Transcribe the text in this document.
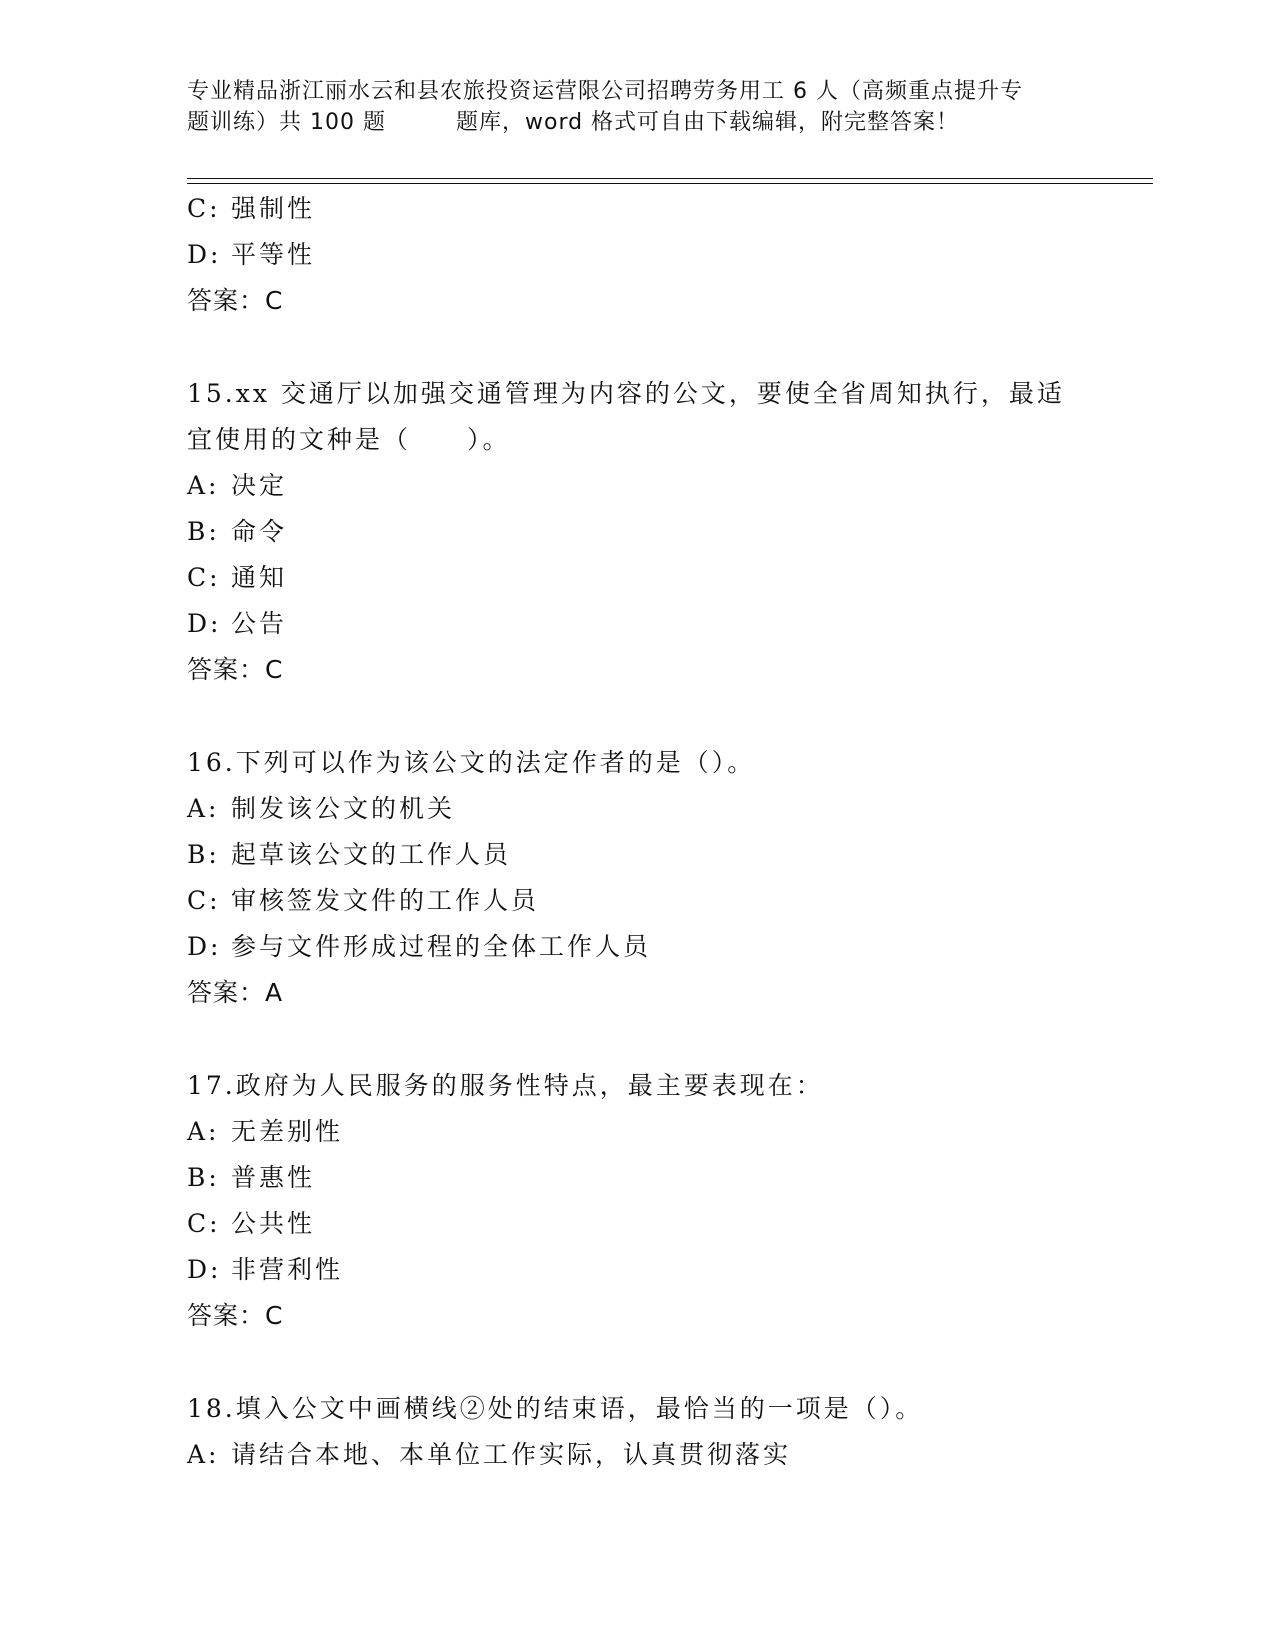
专业精品浙江丽水云和县农旅投资运营限公司招聘劳务用工 6 人（高频重点提升专
题训练）共 100 题	题库，word 格式可自由下载编辑，附完整答案！
C: 强制性
D: 平等性
答案：C
15.xx 交通厅以加强交通管理为内容的公文，要使全省周知执行，最适
宜使用的文种是（　　）。
A: 决定
B: 命令
C: 通知
D: 公告
答案：C
16.下列可以作为该公文的法定作者的是（）。
A: 制发该公文的机关
B: 起草该公文的工作人员
C: 审核签发文件的工作人员
D: 参与文件形成过程的全体工作人员
答案：A
17.政府为人民服务的服务性特点，最主要表现在：
A: 无差别性
B: 普惠性
C: 公共性
D: 非营利性
答案：C
18.填入公文中画横线②处的结束语，最恰当的一项是（）。
A: 请结合本地、本单位工作实际，认真贯彻落实
